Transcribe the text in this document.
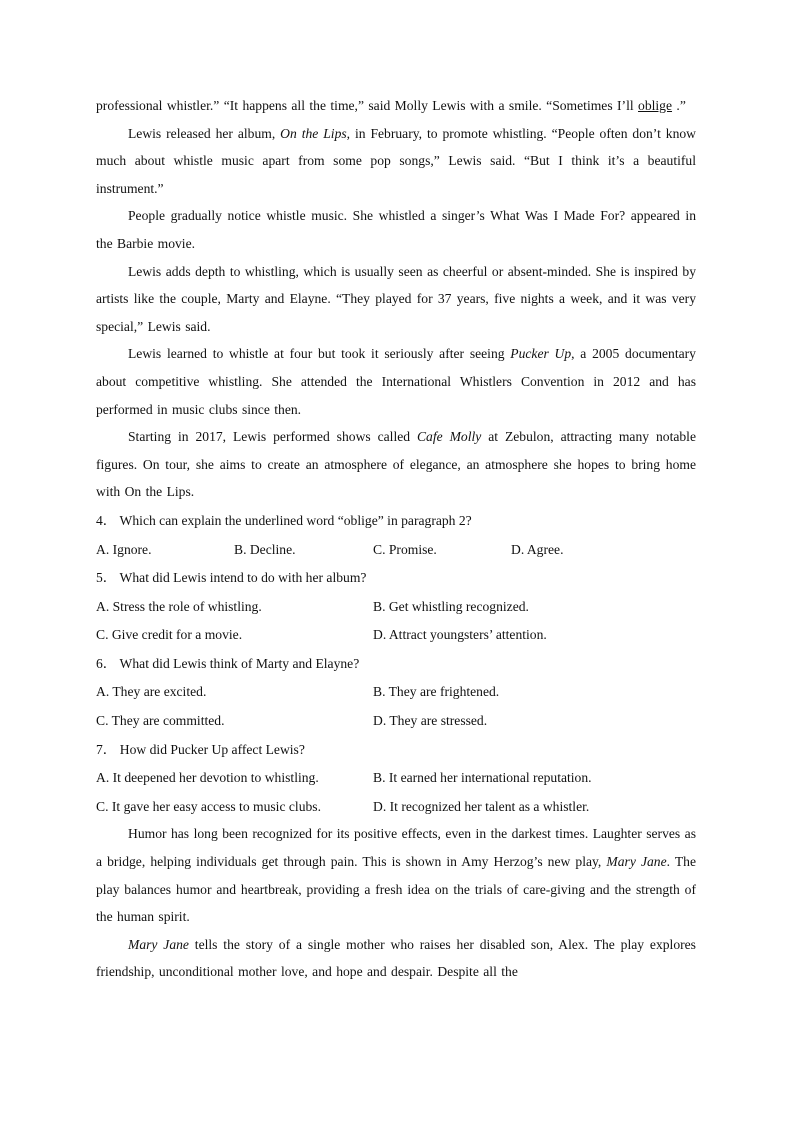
professional whistler.” “It happens all the time,” said Molly Lewis with a smile. “Sometimes I’ll oblige .”

Lewis released her album, On the Lips, in February, to promote whistling. “People often don’t know much about whistle music apart from some pop songs,” Lewis said. “But I think it’s a beautiful instrument.”

People gradually notice whistle music. She whistled a singer’s What Was I Made For? appeared in the Barbie movie.

Lewis adds depth to whistling, which is usually seen as cheerful or absent-minded. She is inspired by artists like the couple, Marty and Elayne. “They played for 37 years, five nights a week, and it was very special,” Lewis said.

Lewis learned to whistle at four but took it seriously after seeing Pucker Up, a 2005 documentary about competitive whistling. She attended the International Whistlers Convention in 2012 and has performed in music clubs since then.

Starting in 2017, Lewis performed shows called Cafe Molly at Zebulon, attracting many notable figures. On tour, she aims to create an atmosphere of elegance, an atmosphere she hopes to bring home with On the Lips.

4． Which can explain the underlined word “oblige” in paragraph 2?
A. Ignore.	B. Decline.	C. Promise.	D. Agree.
5． What did Lewis intend to do with her album?
A. Stress the role of whistling.	B. Get whistling recognized.
C. Give credit for a movie.	D. Attract youngsters’ attention.
6． What did Lewis think of Marty and Elayne?
A. They are excited.	B. They are frightened.
C. They are committed.	D. They are stressed.
7． How did Pucker Up affect Lewis?
A. It deepened her devotion to whistling.	B. It earned her international reputation.
C. It gave her easy access to music clubs.	D. It recognized her talent as a whistler.

Humor has long been recognized for its positive effects, even in the darkest times. Laughter serves as a bridge, helping individuals get through pain. This is shown in Amy Herzog’s new play, Mary Jane. The play balances humor and heartbreak, providing a fresh idea on the trials of care-giving and the strength of the human spirit.

Mary Jane tells the story of a single mother who raises her disabled son, Alex. The play explores friendship, unconditional mother love, and hope and despair. Despite all the
